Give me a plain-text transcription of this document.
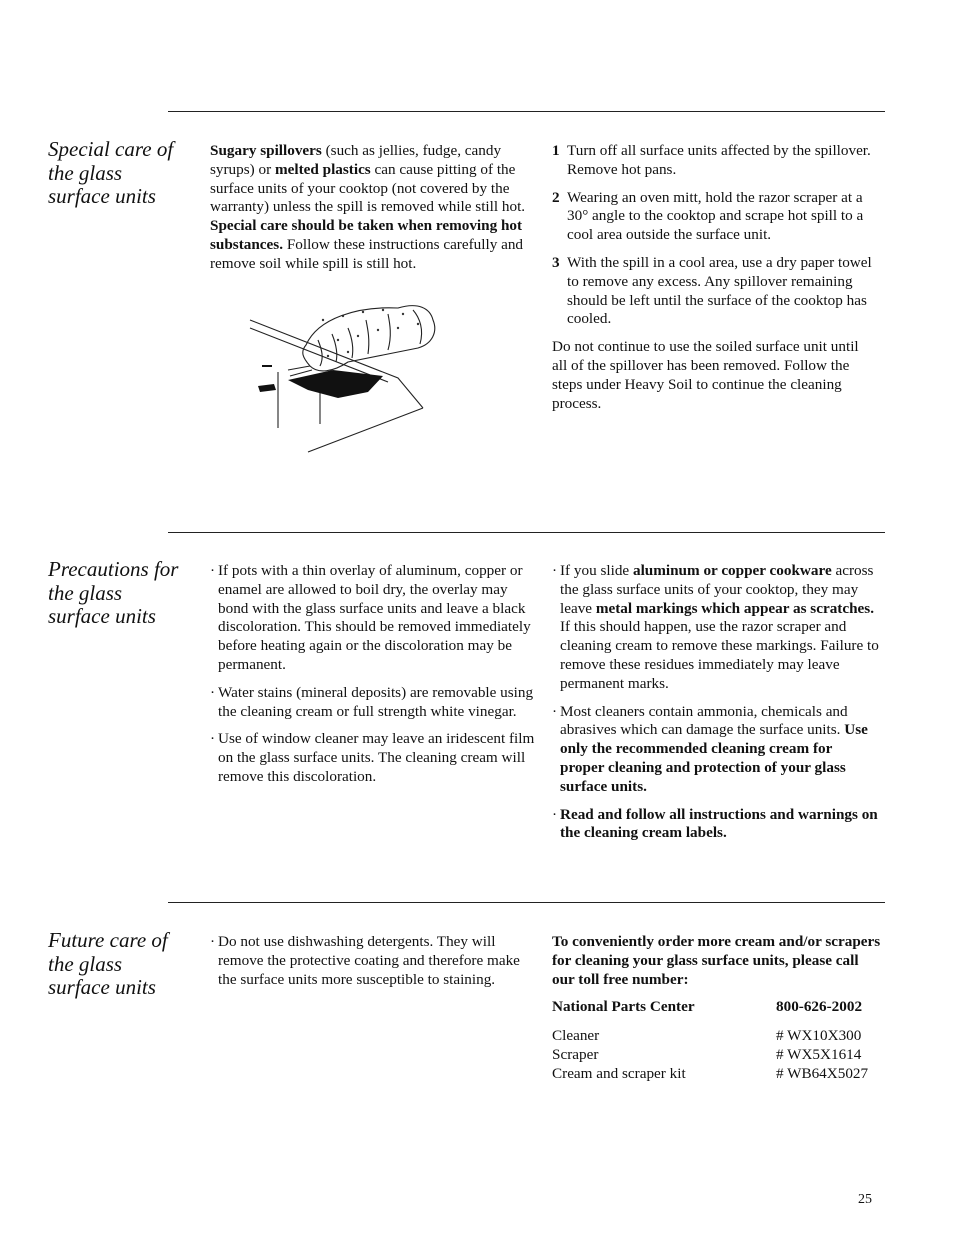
Special care of the glass surface units

Sugary spillovers (such as jellies, fudge, candy syrups) or melted plastics can cause pitting of the surface units of your cooktop (not covered by the warranty) unless the spill is removed while still hot. Special care should be taken when removing hot substances. Follow these instructions carefully and remove soil while spill is still hot.

1 Turn off all surface units affected by the spillover. Remove hot pans.
2 Wearing an oven mitt, hold the razor scraper at a 30° angle to the cooktop and scrape hot spill to a cool area outside the surface unit.
3 With the spill in a cool area, use a dry paper towel to remove any excess. Any spillover remaining should be left until the surface of the cooktop has cooled.

Do not continue to use the soiled surface unit until all of the spillover has been removed. Follow the steps under Heavy Soil to continue the cleaning process.

Precautions for the glass surface units
· If pots with a thin overlay of aluminum, copper or enamel are allowed to boil dry, the overlay may bond with the glass surface units and leave a black discoloration. This should be removed immediately before heating again or the discoloration may be permanent.
· Water stains (mineral deposits) are removable using the cleaning cream or full strength white vinegar.
· Use of window cleaner may leave an iridescent film on the glass surface units. The cleaning cream will remove this discoloration.
· If you slide aluminum or copper cookware across the glass surface units of your cooktop, they may leave metal markings which appear as scratches. If this should happen, use the razor scraper and cleaning cream to remove these markings. Failure to remove these residues immediately may leave permanent marks.
· Most cleaners contain ammonia, chemicals and abrasives which can damage the surface units. Use only the recommended cleaning cream for proper cleaning and protection of your glass surface units.
· Read and follow all instructions and warnings on the cleaning cream labels.
Future care of the glass surface units
· Do not use dishwashing detergents. They will remove the protective coating and therefore make the surface units more susceptible to staining.

To conveniently order more cream and/or scrapers for cleaning your glass surface units, please call our toll free number:

National Parts Center	800-626-2002
Cleaner	# WX10X300
Scraper	# WX5X1614
Cream and scraper kit	# WB64X5027
25
